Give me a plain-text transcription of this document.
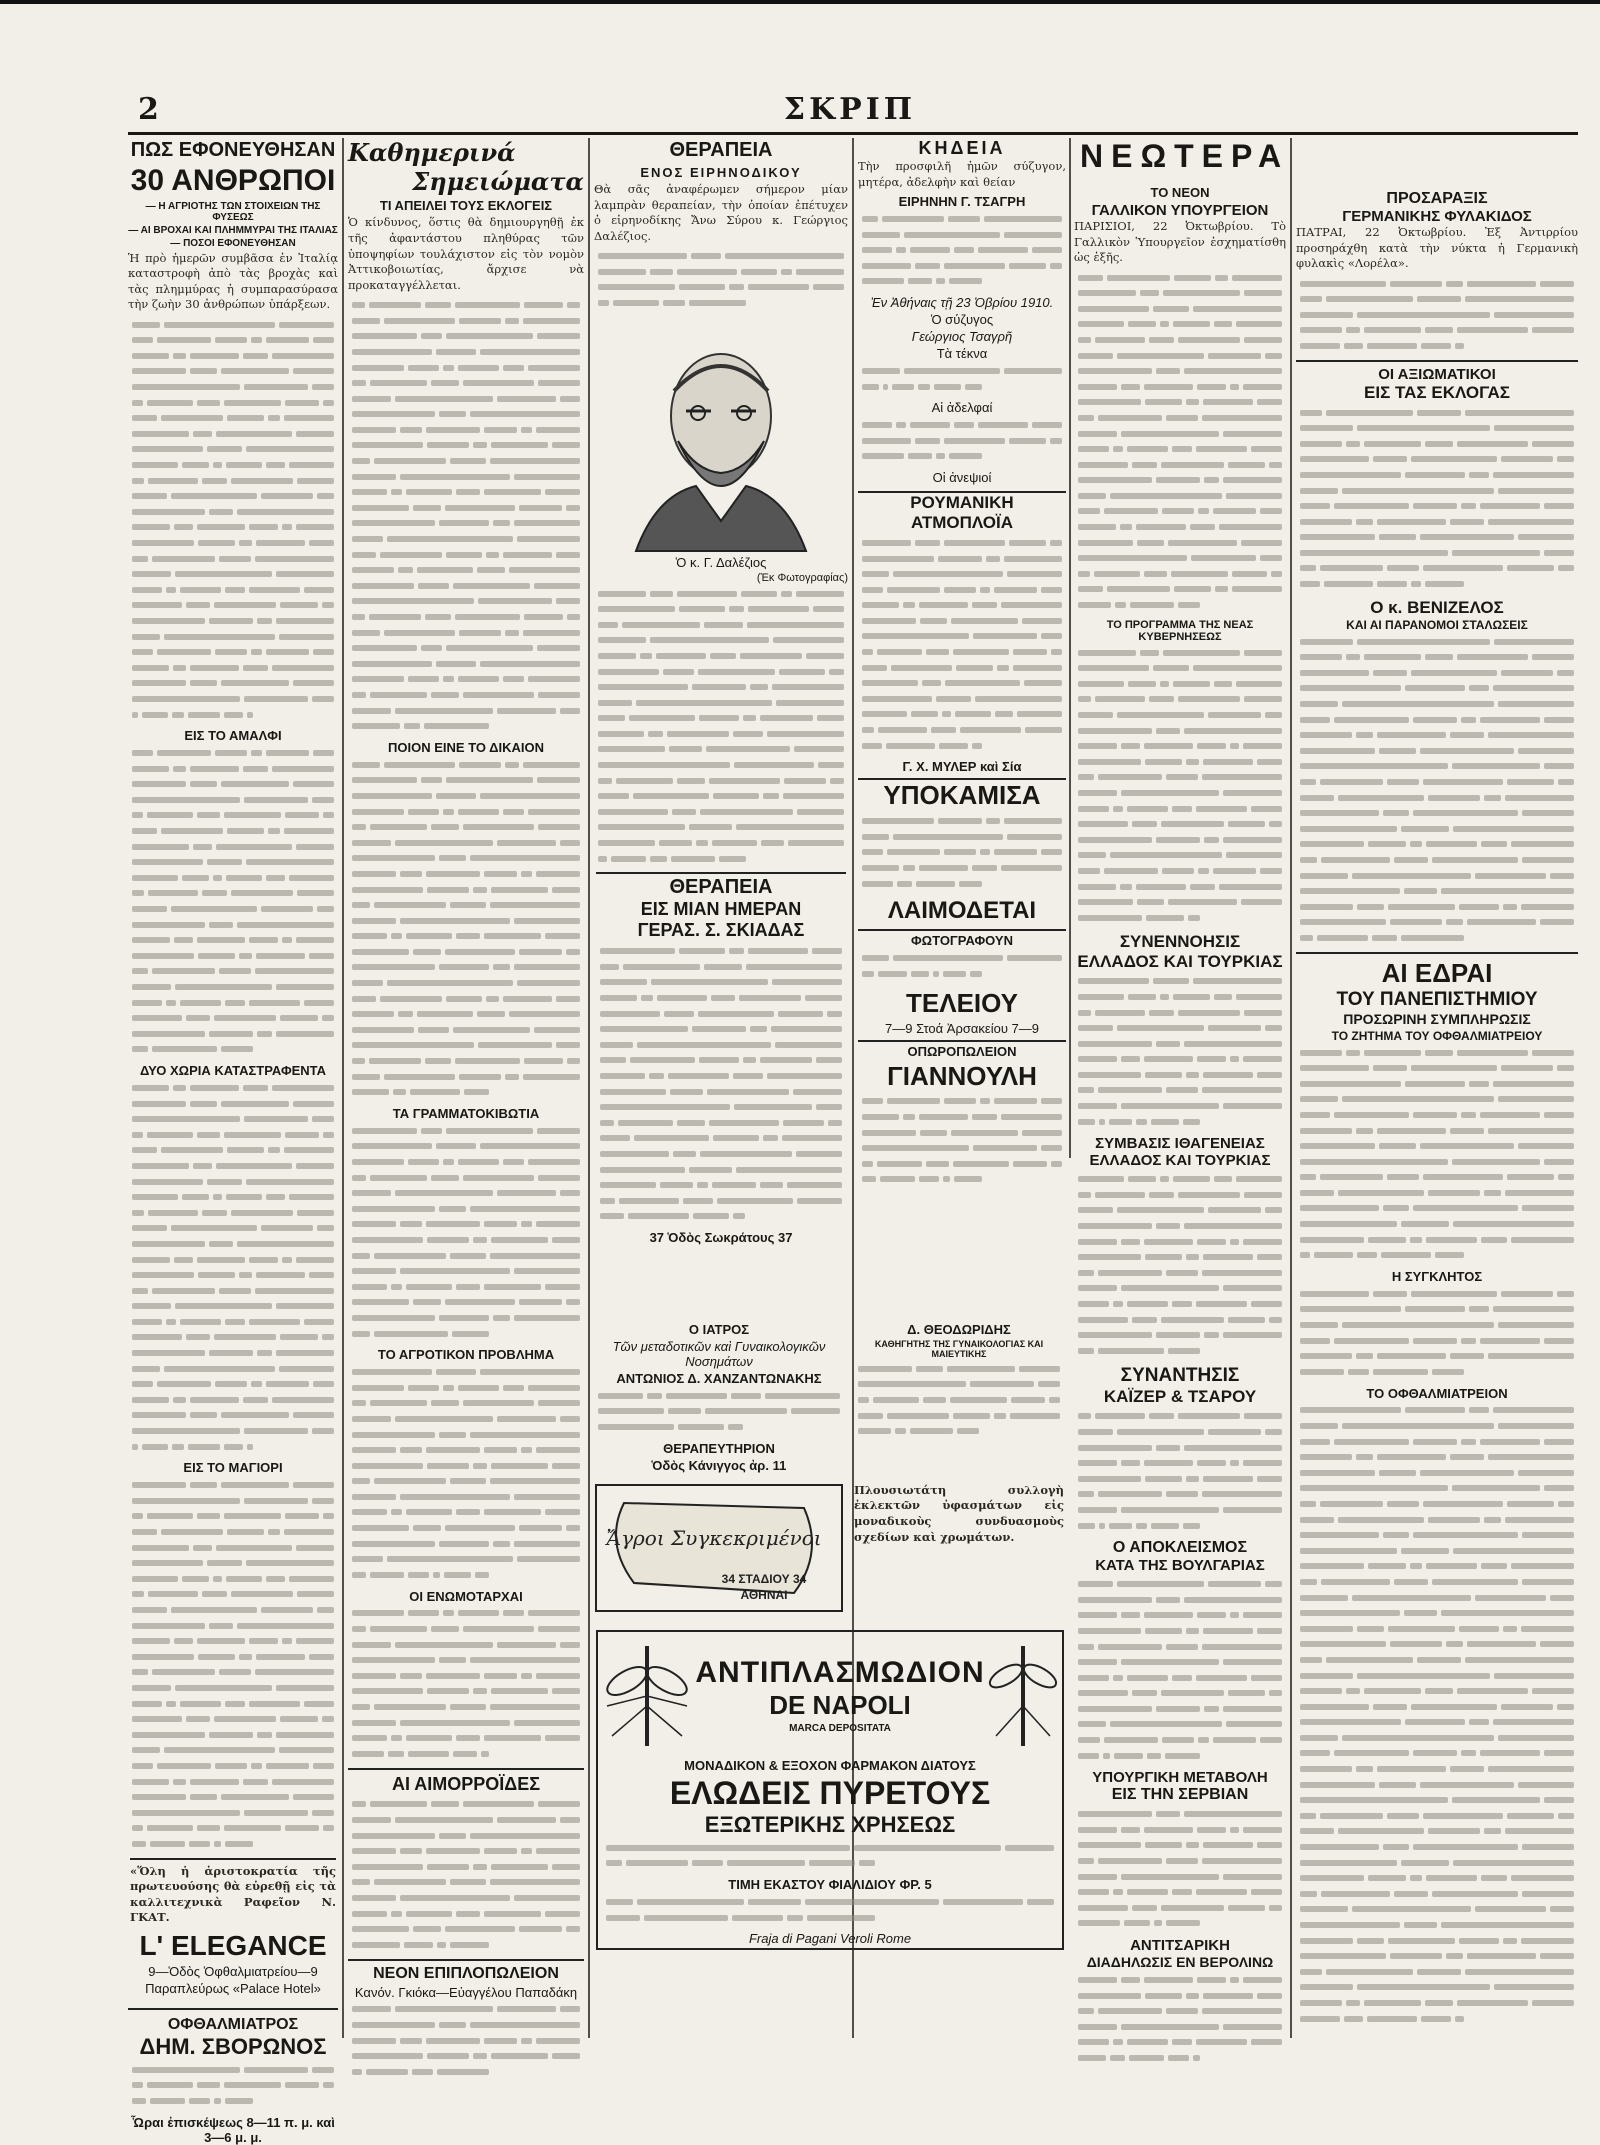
2	ΣΚΡΙΠ
ΠΩΣ ΕΦΟΝΕΥΘΗΣΑΝ
30 ΑΝΘΡΩΠΟΙ
— Η ΑΓΡΙΟΤΗΣ ΤΩΝ ΣΤΟΙΧΕΙΩΝ ΤΗΣ ΦΥΣΕΩΣ
— ΑΙ ΒΡΟΧΑΙ ΚΑΙ ΠΛΗΜΜΥΡΑΙ ΤΗΣ ΙΤΑΛΙΑΣ
— ΠΟΣΟΙ ΕΦΟΝΕΥΘΗΣΑΝ

Ἡ πρὸ ἡμερῶν συμβᾶσα ἐν Ἰταλίᾳ καταστροφὴ ἀπὸ τὰς βροχὰς καὶ τὰς πλημμύρας ἡ συμπαρασύρασα τὴν ζωὴν 30 ἀνθρώπων ὑπάρξεων.

ΕΙΣ ΤΟ ΑΜΑΛΦΙ
ΔΥΟ ΧΩΡΙΑ ΚΑΤΑΣΤΡΑΦΕΝΤΑ
ΕΙΣ ΤΟ ΜΑΓΙΟΡΙ

«Ὅλη ἡ ἀριστοκρατία τῆς πρωτευούσης θὰ εὑρεθῇ εἰς τὰ καλλιτεχνικὰ Ραφεῖον Ν. ΓΚΑΤ.

L' ELEGANCE
9—Ὁδὸς Ὀφθαλμιατρείου—9
Παραπλεύρως «Palace Hotel»
ΟΦΘΑΛΜΙΑΤΡΟΣ
ΔΗΜ. ΣΒΟΡΩΝΟΣ
Ὧραι ἐπισκέψεως 8—11 π. μ. καὶ 3—6 μ. μ.
Καθημερινά
Σημειώματα
ΤΙ ΑΠΕΙΛΕΙ ΤΟΥΣ ΕΚΛΟΓΕΙΣ

Ὁ κίνδυνος, ὅστις θὰ δημιουργηθῇ ἐκ τῆς ἀφαντάστου πληθύρας τῶν ὑποψηφίων τουλάχιστον εἰς τὸν νομὸν Ἀττικοβοιωτίας, ἄρχισε νὰ προκαταγγέλλεται.

ΠΟΙΟΝ ΕΙΝΕ ΤΟ ΔΙΚΑΙΟΝ
ΤΑ ΓΡΑΜΜΑΤΟΚΙΒΩΤΙΑ
ΤΟ ΑΓΡΟΤΙΚΟΝ ΠΡΟΒΛΗΜΑ
ΟΙ ΕΝΩΜΟΤΑΡΧΑΙ
ΑΙ ΑΙΜΟΡΡΟΪΔΕΣ
ΝΕΟΝ ΕΠΙΠΛΟΠΩΛΕΙΟΝ
Κανόν. Γκιόκα—Εὐαγγέλου Παπαδάκη
ΘΕΡΑΠΕΙΑ
ΕΝΟΣ ΕΙΡΗΝΟΔΙΚΟΥ

Θὰ σᾶς ἀναφέρωμεν σήμερον μίαν λαμπρὰν θεραπείαν, τὴν ὁποίαν ἐπέτυχεν ὁ εἰρηνοδίκης Ἄνω Σύρου κ. Γεώργιος Δαλέζιος.

Ὁ κ. Γ. Δαλέζιος
(Ἐκ Φωτογραφίας)
ΘΕΡΑΠΕΙΑ
ΕΙΣ ΜΙΑΝ ΗΜΕΡΑΝ
ΓΕΡΑΣ. Σ. ΣΚΙΑΔΑΣ
37 Ὁδὸς Σωκράτους 37
ΚΗΔΕΙΑ

Τὴν προσφιλῆ ἡμῶν σύζυγον, μητέρα, ἀδελφὴν καὶ θείαν

ΕΙΡΗΝΗΝ Γ. ΤΣΑΓΡΗ
Ἐν Ἀθήναις τῇ 23 Ὀβρίου 1910.
Ὁ σύζυγος
Γεώργιος Τσαγρῆ
Τὰ τέκνα
Αἱ ἀδελφαί
Οἱ ἀνεψιοί
ΡΟΥΜΑΝΙΚΗ ΑΤΜΟΠΛΟΪΑ
Γ. Χ. ΜΥΛΕΡ καὶ Σία
ΥΠΟΚΑΜΙΣΑ
ΛΑΙΜΟΔΕΤΑΙ
ΦΩΤΟΓΡΑΦΟΥΝ
ΤΕΛΕΙΟΥ
7—9 Στοά Ἀρσακείου 7—9
ΟΠΩΡΟΠΩΛΕΙΟΝ
ΓΙΑΝΝΟΥΛΗ
Ο ΙΑΤΡΟΣ
Τῶν μεταδοτικῶν καὶ Γυναικολογικῶν Νοσημάτων
ΑΝΤΩΝΙΟΣ Δ. ΧΑΝΖΑΝΤΩΝΑΚΗΣ
ΘΕΡΑΠΕΥΤΗΡΙΟΝ
Ὁδὸς Κάνιγγος ἀρ. 11
Δ. ΘΕΟΔΩΡΙΔΗΣ
ΚΑΘΗΓΗΤΗΣ ΤΗΣ ΓΥΝΑΙΚΟΛΟΓΙΑΣ ΚΑΙ ΜΑΙΕΥΤΙΚΗΣ
Ἄγροι Συγκεκριμένοι
34 ΣΤΑΔΙΟΥ 34
ΑΘΗΝΑΙ

Πλουσιωτάτη συλλογὴ ἐκλεκτῶν ὑφασμάτων εἰς μοναδικοὺς συνδυασμοὺς σχεδίων καὶ χρωμάτων.

ΑΝΤΙΠΛΑΣΜΩΔΙΟΝ
DE NAPOLI
MARCA DEPOSITATA
ΜΟΝΑΔΙΚΟΝ & ΕΞΟΧΟΝ ΦΑΡΜΑΚΟΝ ΔΙΑΤΟΥΣ
ΕΛΩΔΕΙΣ ΠΥΡΕΤΟΥΣ
ΕΞΩΤΕΡΙΚΗΣ ΧΡΗΣΕΩΣ
ΤΙΜΗ ΕΚΑΣΤΟΥ ΦΙΑΛΙΔΙΟΥ ΦΡ. 5
Fraja di Pagani Veroli Rome
ΝΕΩΤΕΡΑ
ΤΟ ΝΕΟΝ
ΓΑΛΛΙΚΟΝ ΥΠΟΥΡΓΕΙΟΝ

ΠΑΡΙΣΙΟΙ, 22 Ὀκτωβρίου. Τὸ Γαλλικὸν Ὑπουργεῖον ἐσχηματίσθη ὡς ἑξῆς.

ΤΟ ΠΡΟΓΡΑΜΜΑ ΤΗΣ ΝΕΑΣ ΚΥΒΕΡΝΗΣΕΩΣ
ΣΥΝΕΝΝΟΗΣΙΣ
ΕΛΛΑΔΟΣ ΚΑΙ ΤΟΥΡΚΙΑΣ
ΣΥΜΒΑΣΙΣ ΙΘΑΓΕΝΕΙΑΣ
ΕΛΛΑΔΟΣ ΚΑΙ ΤΟΥΡΚΙΑΣ
ΣΥΝΑΝΤΗΣΙΣ
ΚΑΪΖΕΡ & ΤΣΑΡΟΥ
Ο ΑΠΟΚΛΕΙΣΜΟΣ
ΚΑΤΑ ΤΗΣ ΒΟΥΛΓΑΡΙΑΣ
ΥΠΟΥΡΓΙΚΗ ΜΕΤΑΒΟΛΗ
ΕΙΣ ΤΗΝ ΣΕΡΒΙΑΝ
ΑΝΤΙΤΣΑΡΙΚΗ
ΔΙΑΔΗΛΩΣΙΣ ΕΝ ΒΕΡΟΛΙΝΩ
ΠΡΟΣΑΡΑΞΙΣ
ΓΕΡΜΑΝΙΚΗΣ ΦΥΛΑΚΙΔΟΣ

ΠΑΤΡΑΙ, 22 Ὀκτωβρίου. Ἐξ Ἀντιρρίου προσηράχθη κατὰ τὴν νύκτα ἡ Γερμανικὴ φυλακὶς «Λορέλα».

ΟΙ ΑΞΙΩΜΑΤΙΚΟΙ
ΕΙΣ ΤΑΣ ΕΚΛΟΓΑΣ
Ο κ. ΒΕΝΙΖΕΛΟΣ
ΚΑΙ ΑΙ ΠΑΡΑΝΟΜΟΙ ΣΤΑΛΩΣΕΙΣ
ΑΙ ΕΔΡΑΙ
ΤΟΥ ΠΑΝΕΠΙΣΤΗΜΙΟΥ
ΠΡΟΣΩΡΙΝΗ ΣΥΜΠΛΗΡΩΣΙΣ
ΤΟ ΖΗΤΗΜΑ ΤΟΥ ΟΦΘΑΛΜΙΑΤΡΕΙΟΥ
Η ΣΥΓΚΛΗΤΟΣ
ΤΟ ΟΦΘΑΛΜΙΑΤΡΕΙΟΝ
